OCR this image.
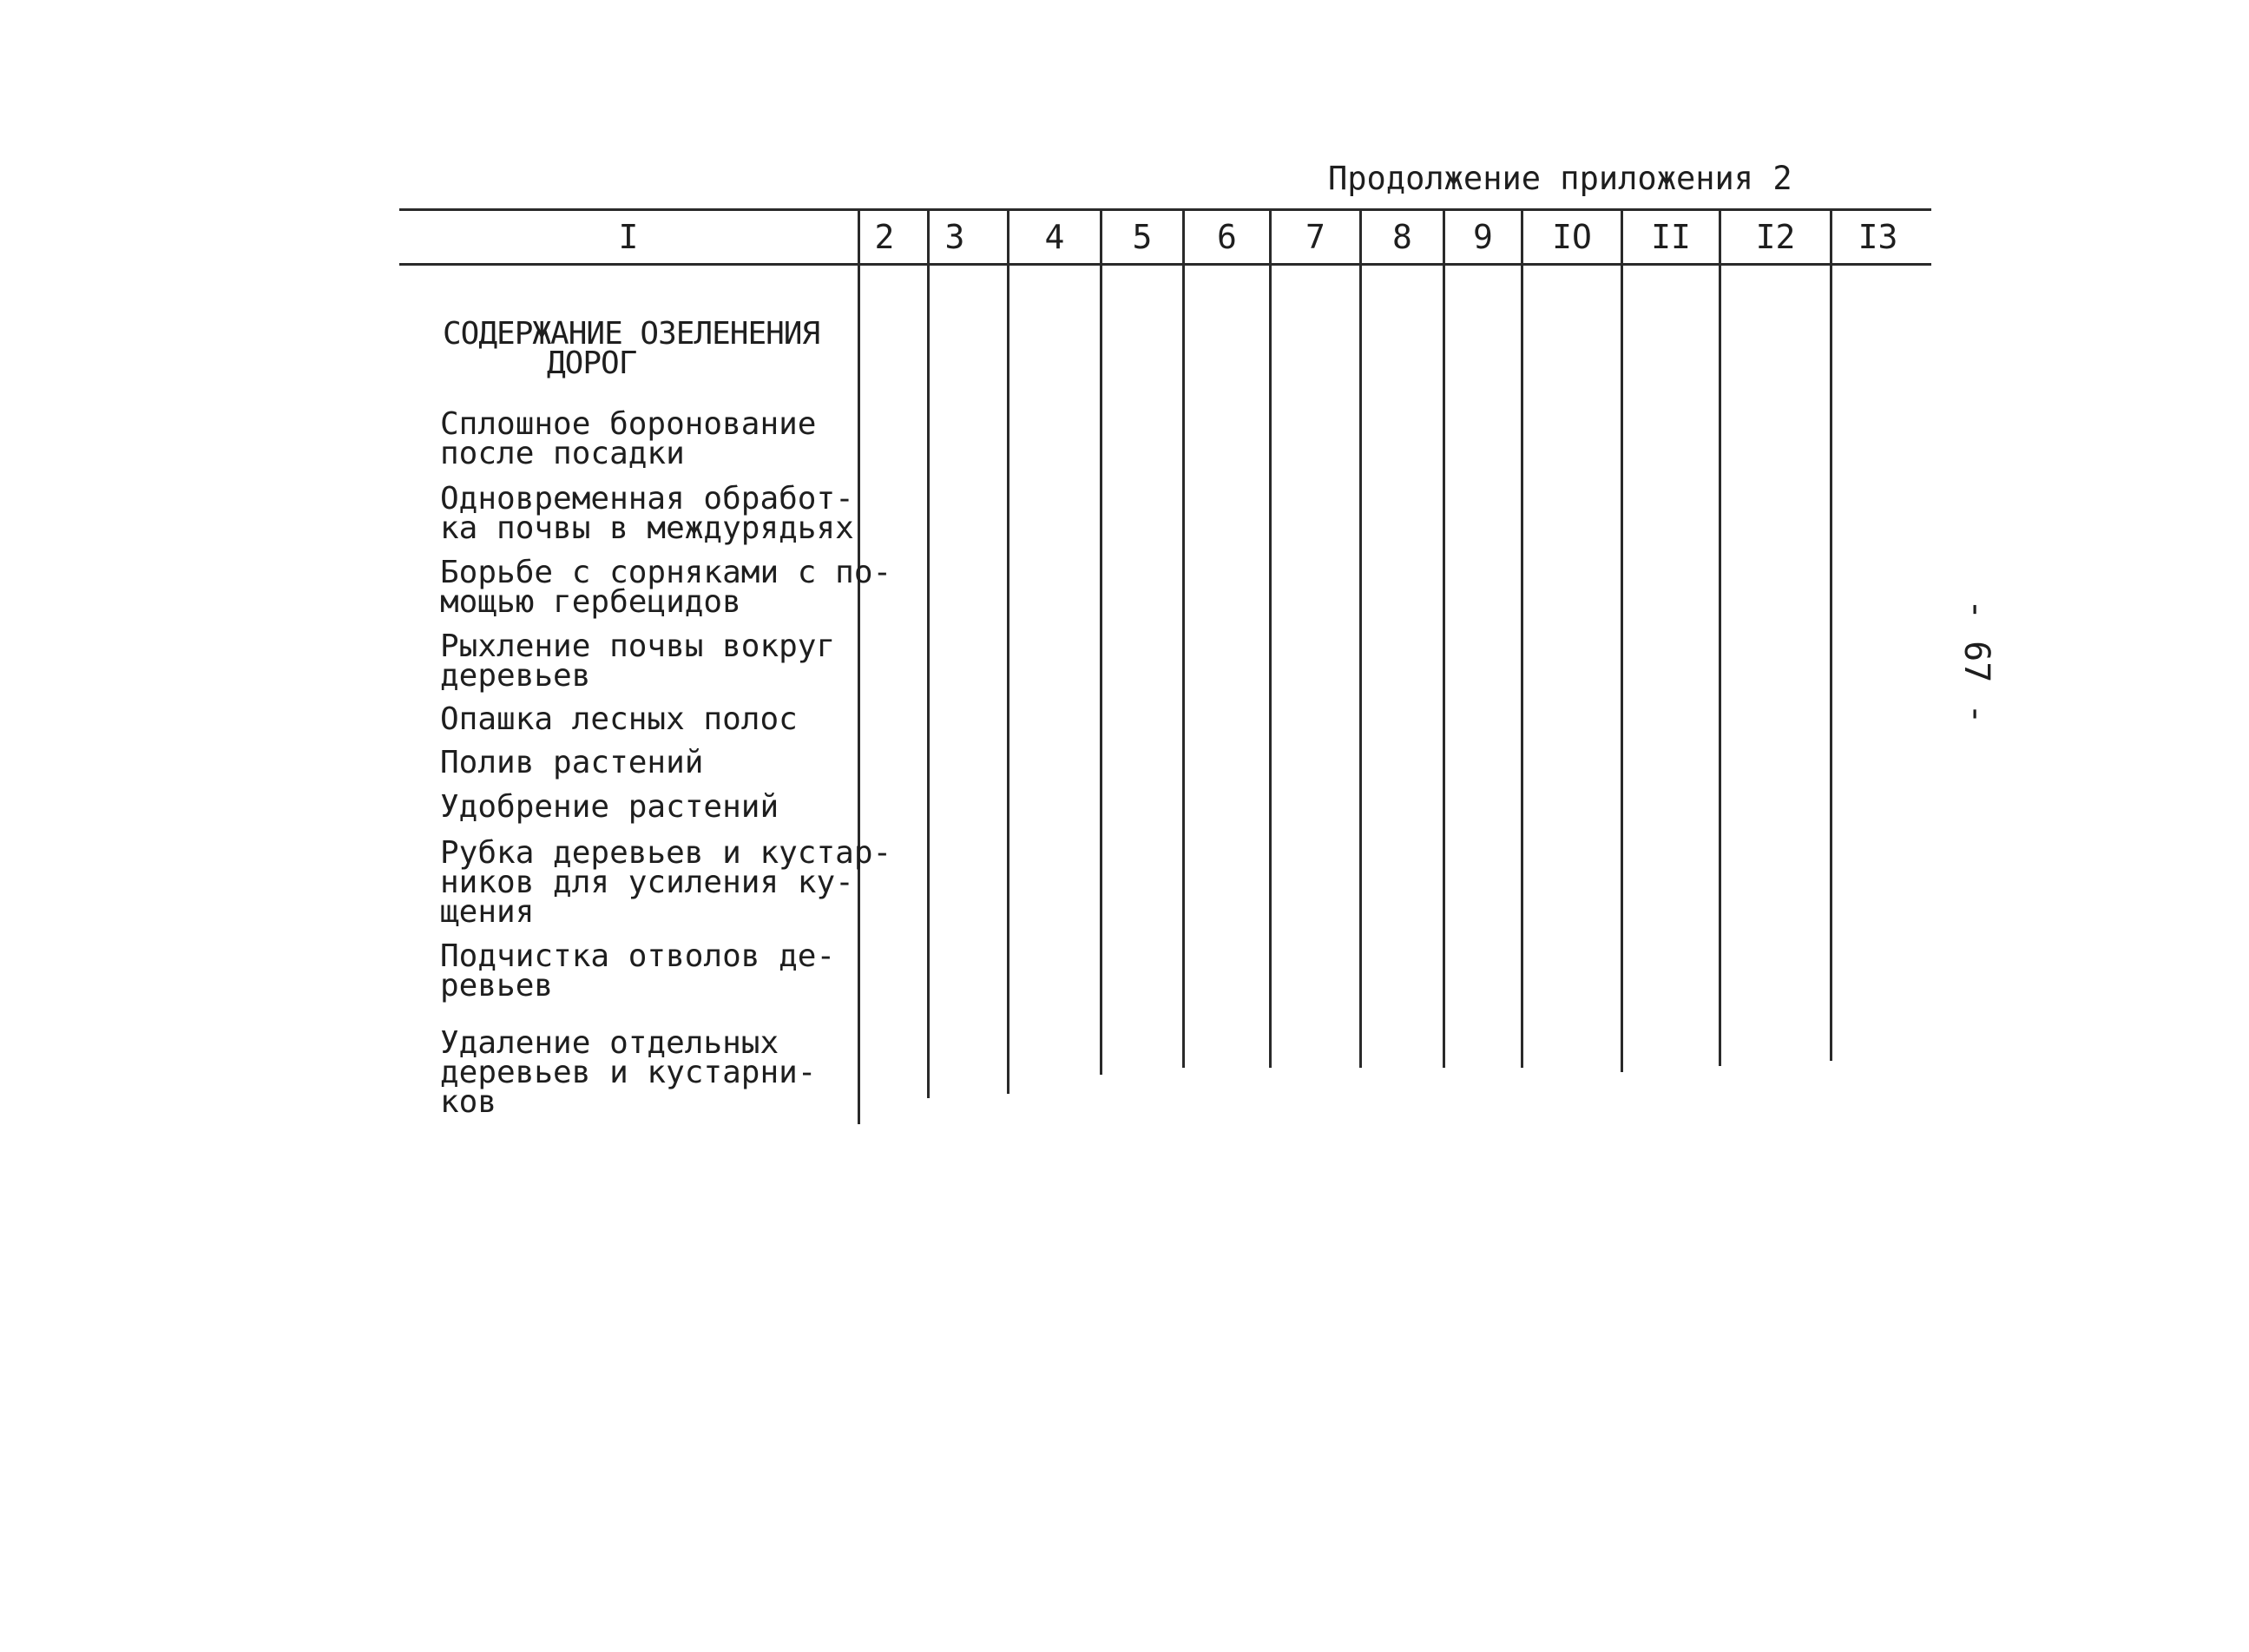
Продолжение приложения 2
I	2	3	4	5	6	7	8	9	IO	II	I2	I3
СОДЕРЖАНИЕ ОЗЕЛЕНЕНИЯ
ДОРОГ
Сплошное боронование
после посадки
Одновременная обработ-
ка почвы в междурядьях
Борьбе с сорняками с по-
мощью гербецидов
Рыхление почвы вокруг
деревьев
Опашка лесных полос
Полив растений
Удобрение растений
Рубка деревьев и кустар-
ников для усиления ку-
щения
Подчистка отволов де-
ревьев
Удаление отдельных
деревьев и кустарни-
ков
- 67 -
